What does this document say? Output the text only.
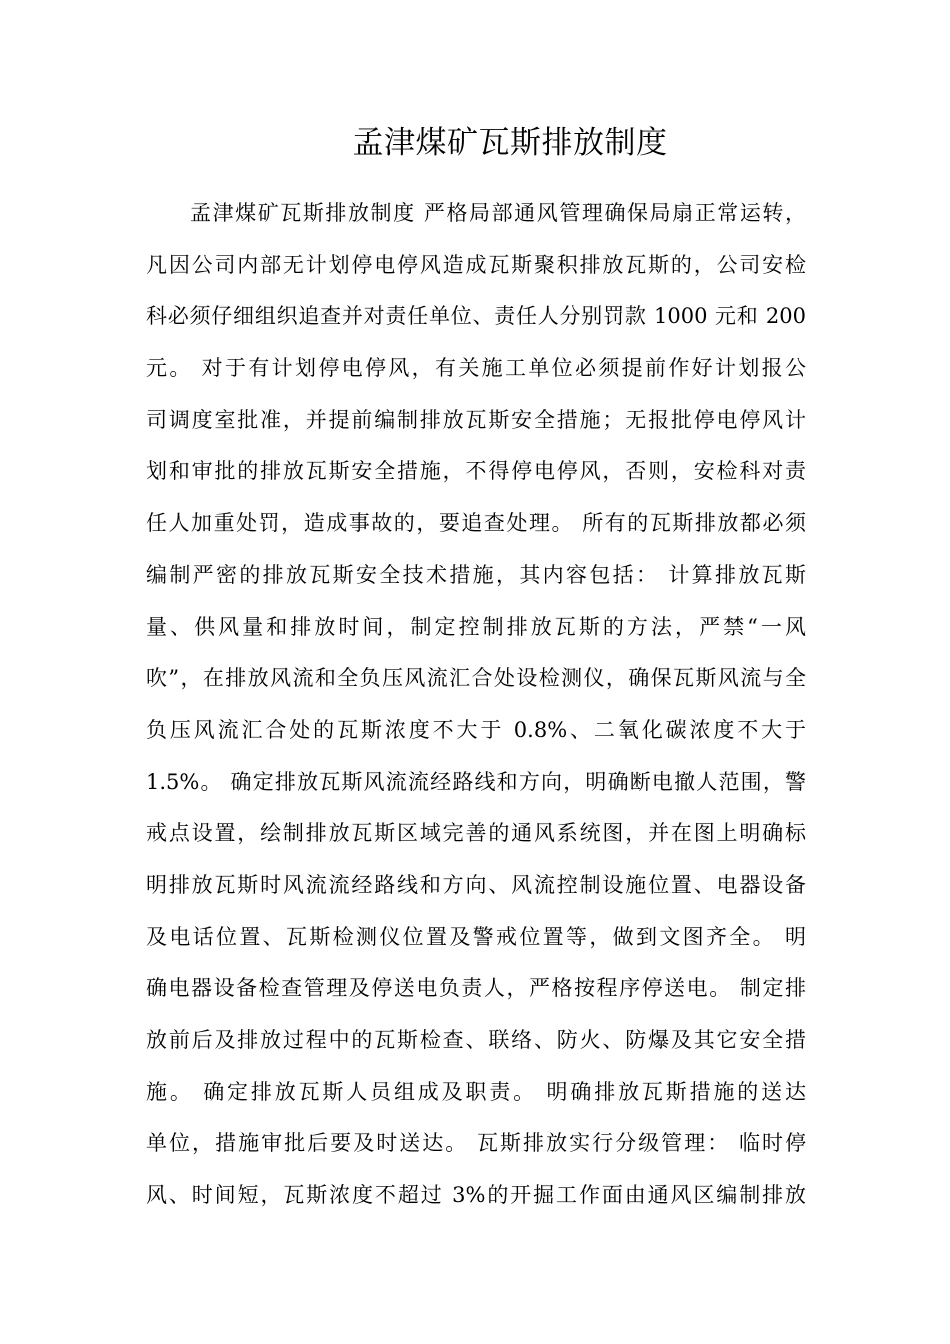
孟津煤矿瓦斯排放制度
孟津煤矿瓦斯排放制度 严格局部通风管理确保局扇正常运转，
凡因公司内部无计划停电停风造成瓦斯聚积排放瓦斯的，公司安检
科必须仔细组织追查并对责任单位、责任人分别罚款 1000 元和 200
元。 对于有计划停电停风，有关施工单位必须提前作好计划报公
司调度室批准，并提前编制排放瓦斯安全措施；无报批停电停风计
划和审批的排放瓦斯安全措施，不得停电停风，否则，安检科对责
任人加重处罚，造成事故的，要追查处理。 所有的瓦斯排放都必须
编制严密的排放瓦斯安全技术措施，其内容包括： 计算排放瓦斯
量、供风量和排放时间，制定控制排放瓦斯的方法，严禁“一风
吹”，在排放风流和全负压风流汇合处设检测仪，确保瓦斯风流与全
负压风流汇合处的瓦斯浓度不大于 0.8%、二氧化碳浓度不大于
1.5%。 确定排放瓦斯风流流经路线和方向，明确断电撤人范围，警
戒点设置，绘制排放瓦斯区域完善的通风系统图，并在图上明确标
明排放瓦斯时风流流经路线和方向、风流控制设施位置、电器设备
及电话位置、瓦斯检测仪位置及警戒位置等，做到文图齐全。 明
确电器设备检查管理及停送电负责人，严格按程序停送电。 制定排
放前后及排放过程中的瓦斯检查、联络、防火、防爆及其它安全措
施。 确定排放瓦斯人员组成及职责。 明确排放瓦斯措施的送达
单位，措施审批后要及时送达。 瓦斯排放实行分级管理： 临时停
风、时间短，瓦斯浓度不超过 3%的开掘工作面由通风区编制排放
